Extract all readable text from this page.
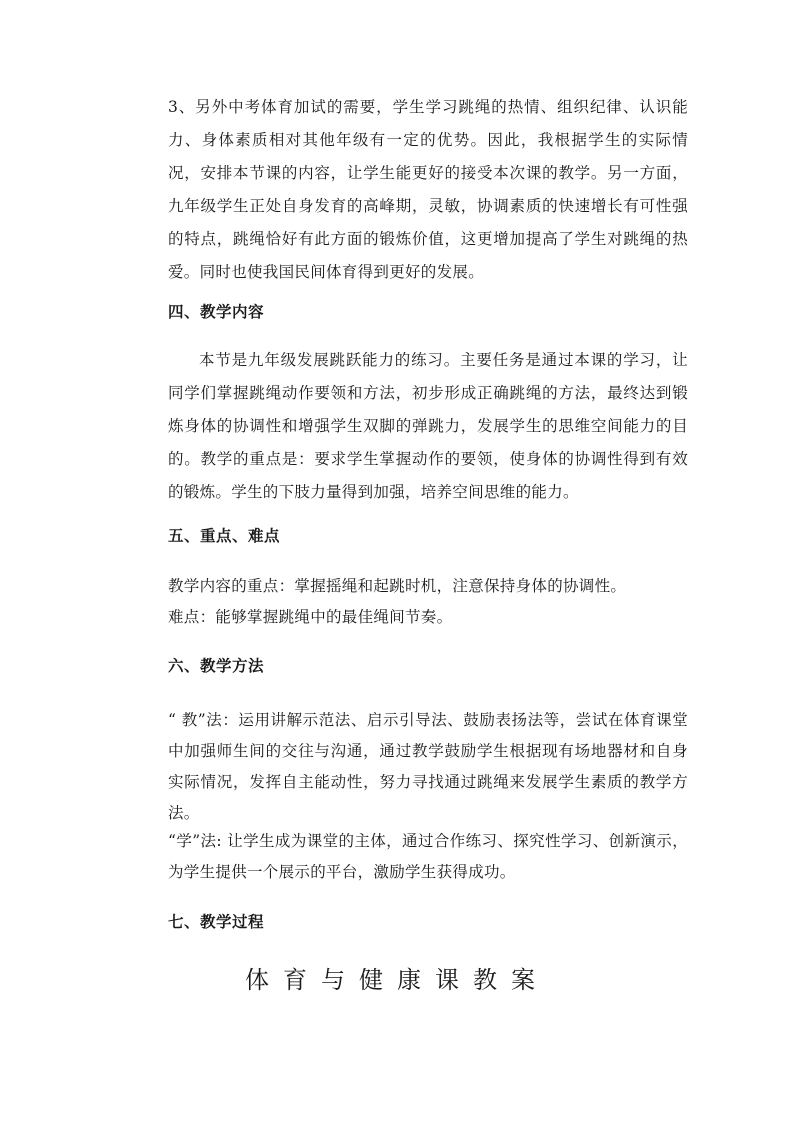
3、另外中考体育加试的需要，学生学习跳绳的热情、组织纪律、认识能力、身体素质相对其他年级有一定的优势。因此，我根据学生的实际情况，安排本节课的内容，让学生能更好的接受本次课的教学。另一方面，九年级学生正处自身发育的高峰期，灵敏，协调素质的快速增长有可性强的特点，跳绳恰好有此方面的锻炼价值，这更增加提高了学生对跳绳的热爱。同时也使我国民间体育得到更好的发展。

四、教学内容

本节是九年级发展跳跃能力的练习。主要任务是通过本课的学习，让同学们掌握跳绳动作要领和方法，初步形成正确跳绳的方法，最终达到锻炼身体的协调性和增强学生双脚的弹跳力，发展学生的思维空间能力的目的。教学的重点是：要求学生掌握动作的要领，使身体的协调性得到有效的锻炼。学生的下肢力量得到加强，培养空间思维的能力。

五、重点、难点

教学内容的重点：掌握摇绳和起跳时机，注意保持身体的协调性。

难点：能够掌握跳绳中的最佳绳间节奏。

六、教学方法

“ 教”法：运用讲解示范法、启示引导法、鼓励表扬法等，尝试在体育课堂中加强师生间的交往与沟通，通过教学鼓励学生根据现有场地器材和自身实际情况，发挥自主能动性，努力寻找通过跳绳来发展学生素质的教学方法。

“学”法: 让学生成为课堂的主体，通过合作练习、探究性学习、创新演示，为学生提供一个展示的平台，激励学生获得成功。

七、教学过程
体育与健康课教案
